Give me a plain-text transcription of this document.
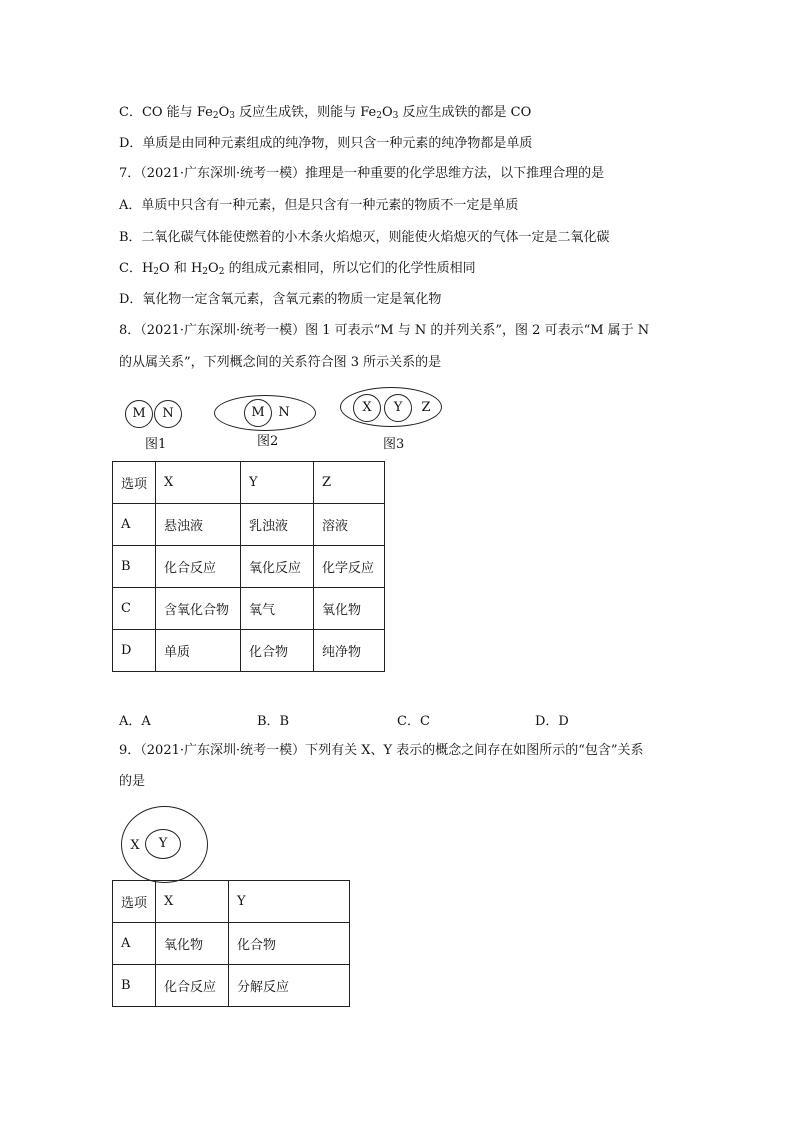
C．CO 能与 $Fe_2O_3$ 反应生成铁，则能与 $Fe_2O_3$ 反应生成铁的都是 CO
D．单质是由同种元素组成的纯净物，则只含一种元素的纯净物都是单质
7．（2021·广东深圳·统考一模）推理是一种重要的化学思维方法，以下推理合理的是
A．单质中只含有一种元素，但是只含有一种元素的物质不一定是单质
B．二氧化碳气体能使燃着的小木条火焰熄灭，则能使火焰熄灭的气体一定是二氧化碳
C．$H_2O$ 和 $H_2O_2$ 的组成元素相同，所以它们的化学性质相同
D．氧化物一定含氧元素，含氧元素的物质一定是氧化物
8．（2021·广东深圳·统考一模）图 1 可表示“M 与 N 的并列关系”，图 2 可表示“M 属于 N
的从属关系”，下列概念间的关系符合图 3 所示关系的是
M N
图1
M N
图2
X Y Z
图3
选项	X	Y	Z
A	悬浊液	乳浊液	溶液
B	化合反应	氧化反应	化学反应
C	含氧化合物	氧气	氧化物
D	单质	化合物	纯净物
A．A	B．B	C．C	D．D
9．（2021·广东深圳·统考一模）下列有关 X、Y 表示的概念之间存在如图所示的“包含”关系
的是
X Y
选项	X	Y
A	氧化物	化合物
B	化合反应	分解反应
